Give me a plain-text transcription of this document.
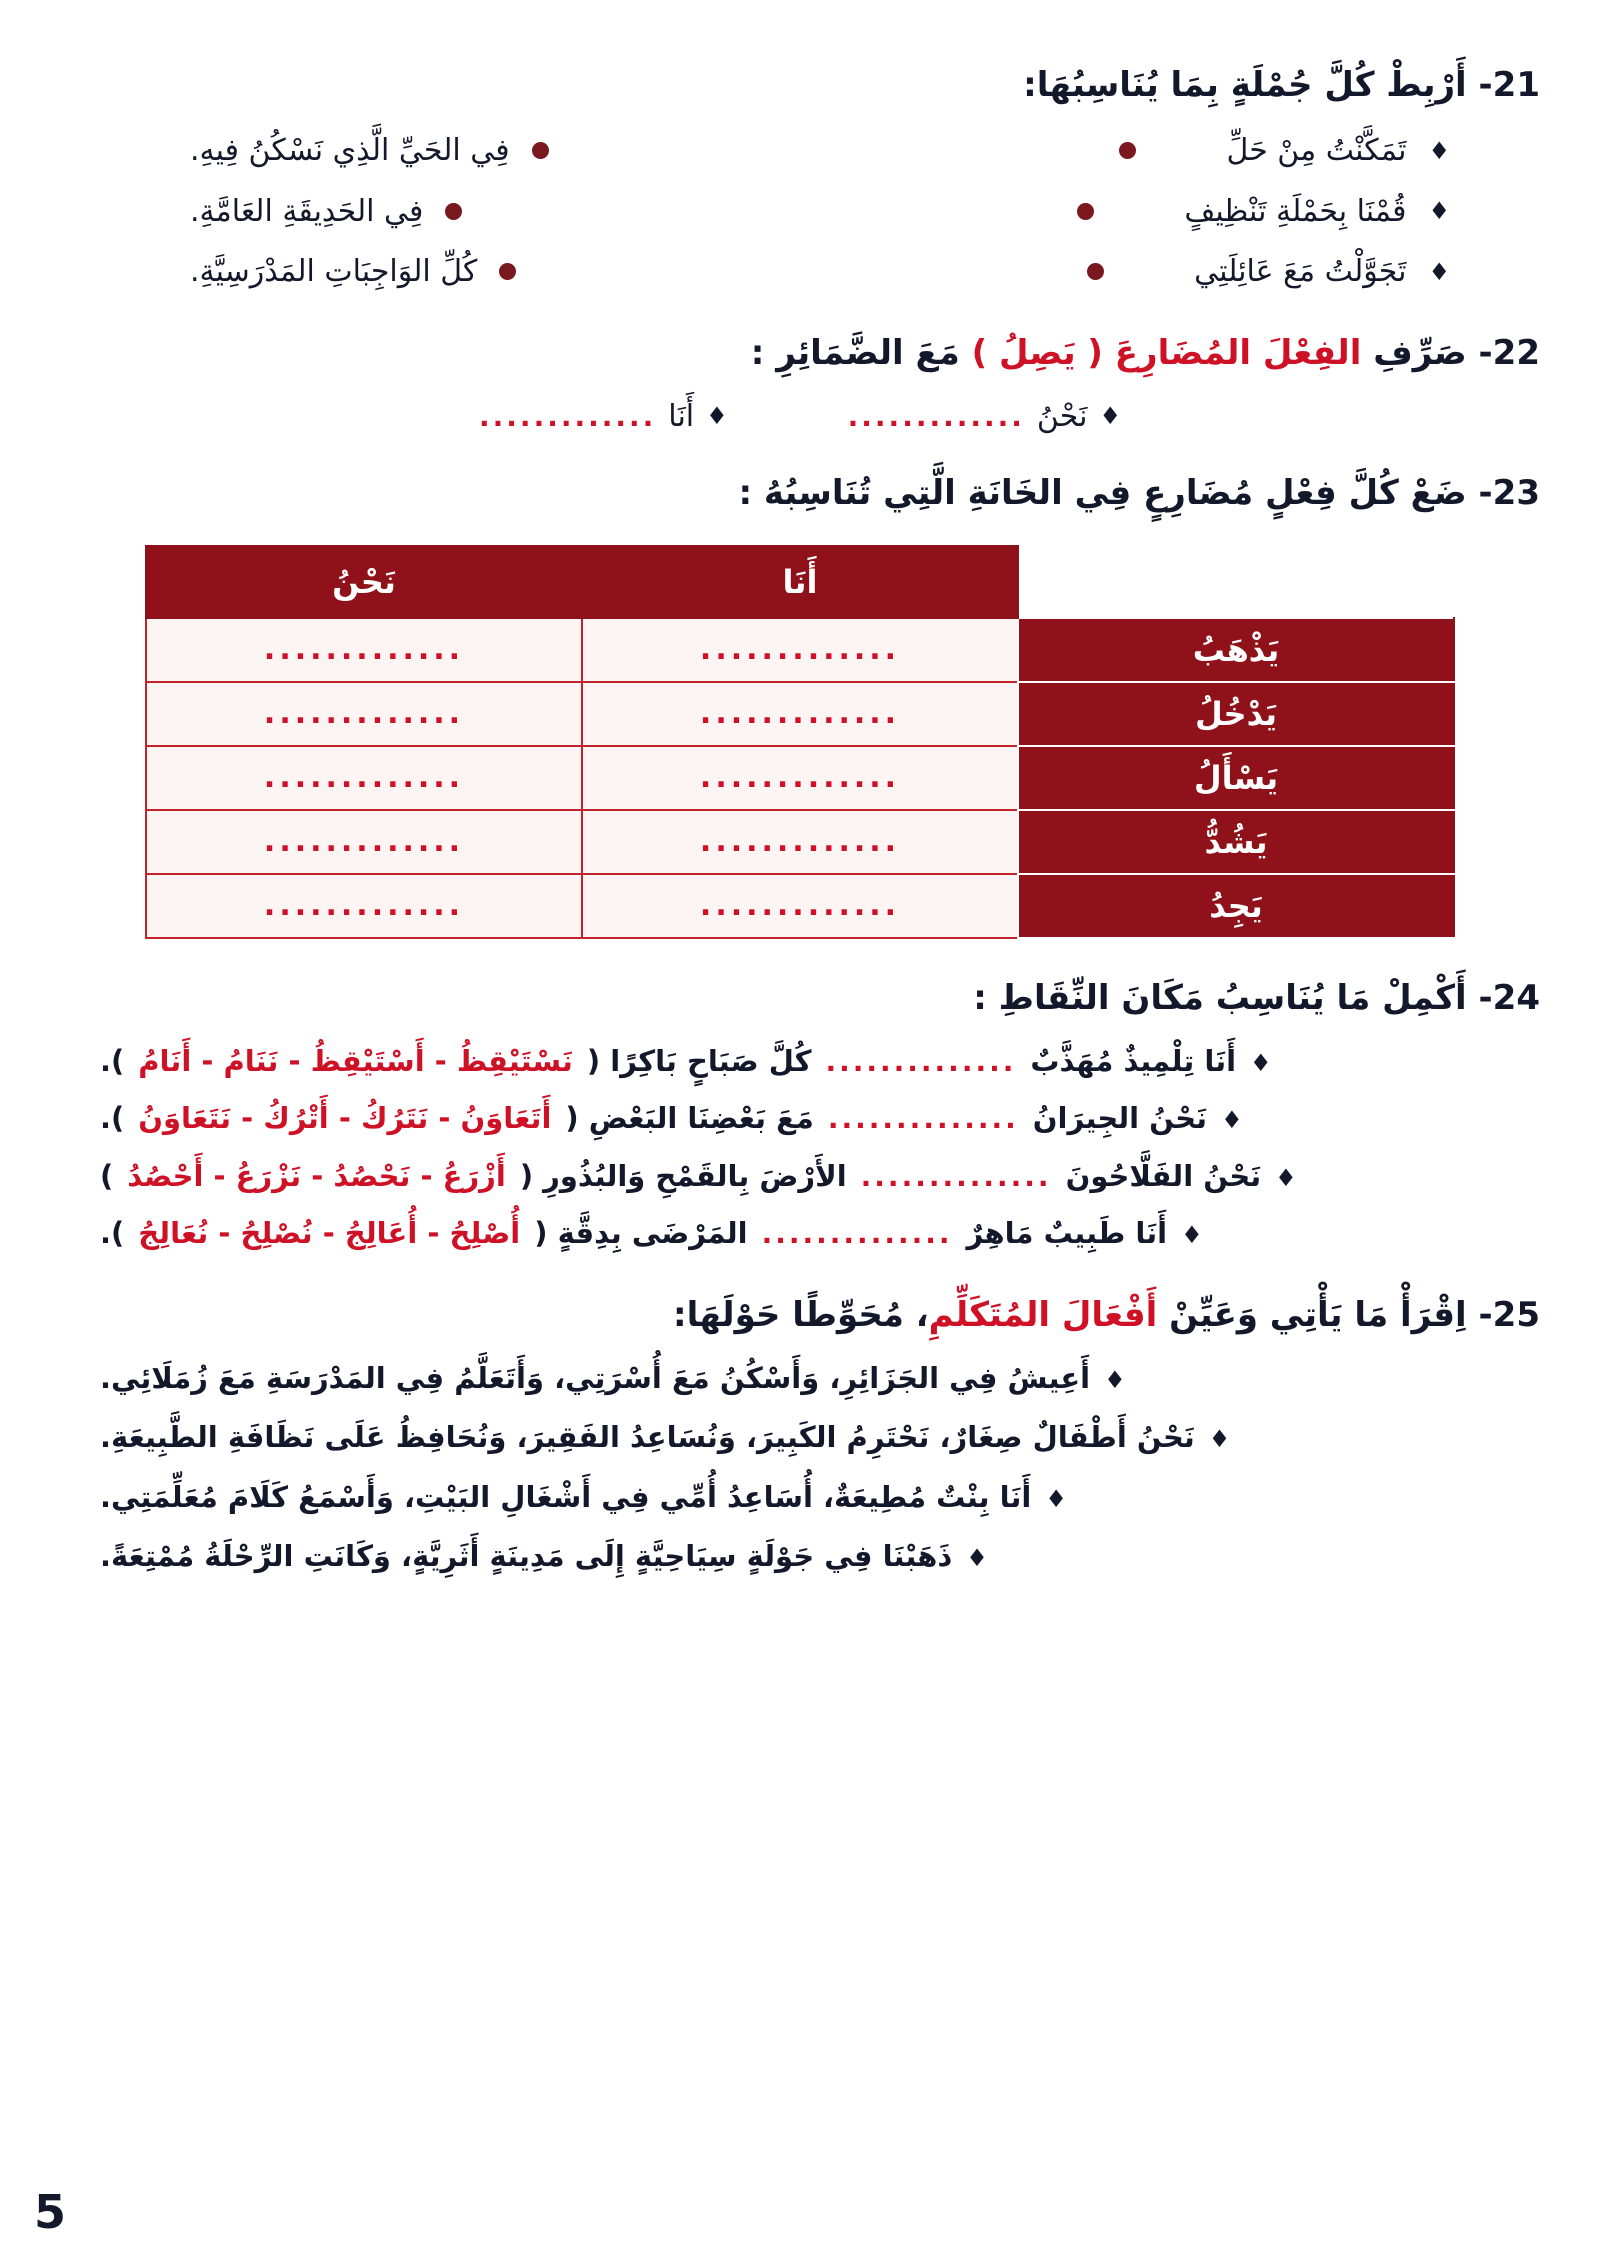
21- أَرْبِطْ كُلَّ جُمْلَةٍ بِمَا يُنَاسِبُهَا:
♦
تَمَكَّنْتُ مِنْ حَلِّ
♦
قُمْنَا بِحَمْلَةِ تَنْظِيفٍ
♦
تَجَوَّلْتُ مَعَ عَائِلَتِي
فِي الحَيِّ الَّذِي نَسْكُنُ فِيهِ.
فِي الحَدِيقَةِ العَامَّةِ.
كُلِّ الوَاجِبَاتِ المَدْرَسِيَّةِ.
22- صَرِّفِ الفِعْلَ المُضَارِعَ ( يَصِلُ ) مَعَ الضَّمَائِرِ :
♦
نَحْنُ
.............
♦
أَنَا
.............
23- ضَعْ كُلَّ فِعْلٍ مُضَارِعٍ فِي الخَانَةِ الَّتِي تُنَاسِبُهُ :
	أَنَا	نَحْنُ
يَذْهَبُ	.............	.............
يَدْخُلُ	.............	.............
يَسْأَلُ	.............	.............
يَشُدُّ	.............	.............
يَجِدُ	.............	.............
24- أَكْمِلْ مَا يُنَاسِبُ مَكَانَ النِّقَاطِ :
♦
أَنَا تِلْمِيذٌ مُهَذَّبٌ
..............
كُلَّ صَبَاحٍ بَاكِرًا (
نَسْتَيْقِظُ - أَسْتَيْقِظُ - نَنَامُ - أَنَامُ
).
♦
نَحْنُ الجِيرَانُ
..............
مَعَ بَعْضِنَا البَعْضِ (
أَتَعَاوَنُ - نَتَرُكُ - أَتْرُكُ - نَتَعَاوَنُ
).
♦
نَحْنُ الفَلَّاحُونَ
..............
الأَرْضَ بِالقَمْحِ وَالبُذُورِ (
أَزْرَعُ - نَحْصُدُ - نَزْرَعُ - أَحْصُدُ
)
♦
أَنَا طَبِيبٌ مَاهِرٌ
..............
المَرْضَى بِدِقَّةٍ (
أُصْلِحُ - أُعَالِجُ - نُصْلِحُ - نُعَالِجُ
).
25- اِقْرَأْ مَا يَأْتِي وَعَيِّنْ أَفْعَالَ المُتَكَلِّمِ، مُحَوِّطًا حَوْلَهَا:
♦
أَعِيشُ فِي الجَزَائِرِ، وَأَسْكُنُ مَعَ أُسْرَتِي، وَأَتَعَلَّمُ فِي المَدْرَسَةِ مَعَ زُمَلَائِي.
♦
نَحْنُ أَطْفَالٌ صِغَارٌ، نَحْتَرِمُ الكَبِيرَ، وَنُسَاعِدُ الفَقِيرَ، وَنُحَافِظُ عَلَى نَظَافَةِ الطَّبِيعَةِ.
♦
أَنَا بِنْتٌ مُطِيعَةٌ، أُسَاعِدُ أُمِّي فِي أَشْغَالِ البَيْتِ، وَأَسْمَعُ كَلَامَ مُعَلِّمَتِي.
♦
ذَهَبْنَا فِي جَوْلَةٍ سِيَاحِيَّةٍ إِلَى مَدِينَةٍ أَثَرِيَّةٍ، وَكَانَتِ الرِّحْلَةُ مُمْتِعَةً.
5
